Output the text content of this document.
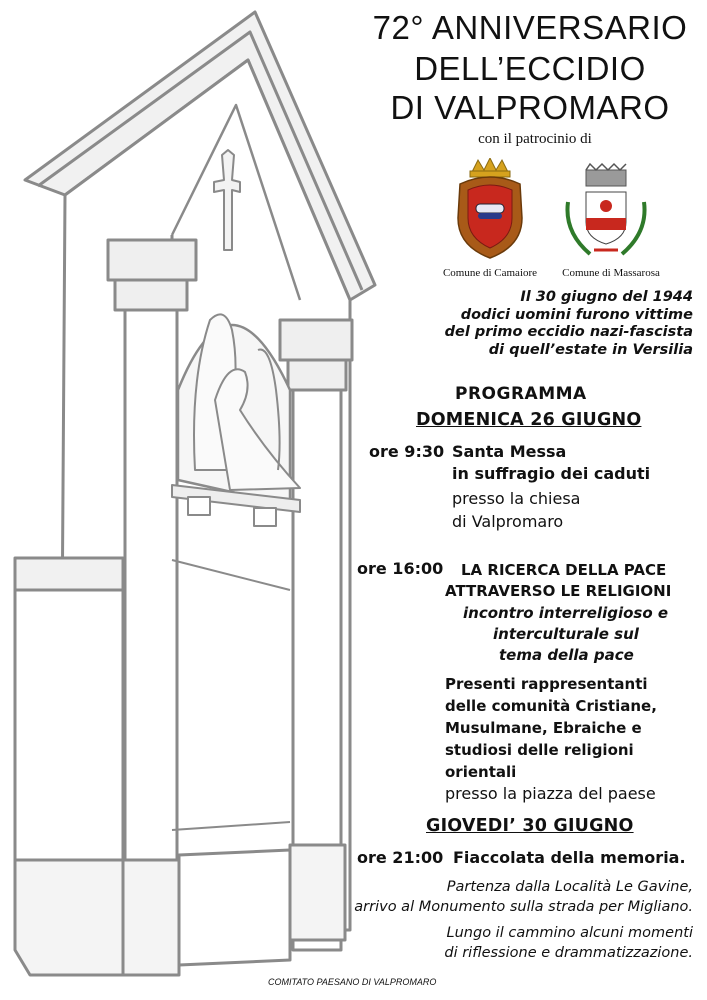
72° ANNIVERSARIO
DELL’ECCIDIO
DI VALPROMARO
con il patrocinio di
Comune di Camaiore	Comune di Massarosa
Il 30 giugno del 1944
dodici uomini furono vittime
del primo eccidio nazi-fascista
di quell’estate in Versilia
PROGRAMMA
DOMENICA 26 GIUGNO
ore 9:30 Santa Messa
in suffragio dei caduti
presso la chiesa
di Valpromaro
ore 16:00 LA RICERCA DELLA PACE
ATTRAVERSO LE RELIGIONI
incontro interreligioso e
interculturale sul
tema della pace
Presenti rappresentanti
delle comunità Cristiane,
Musulmane, Ebraiche e
studiosi delle religioni
orientali
presso la piazza del paese
GIOVEDI’ 30 GIUGNO
ore 21:00 Fiaccolata della memoria.
Partenza dalla Località Le Gavine,
arrivo al Monumento sulla strada per Migliano.
Lungo il cammino alcuni momenti
di riflessione e drammatizzazione.
COMITATO PAESANO DI VALPROMARO
